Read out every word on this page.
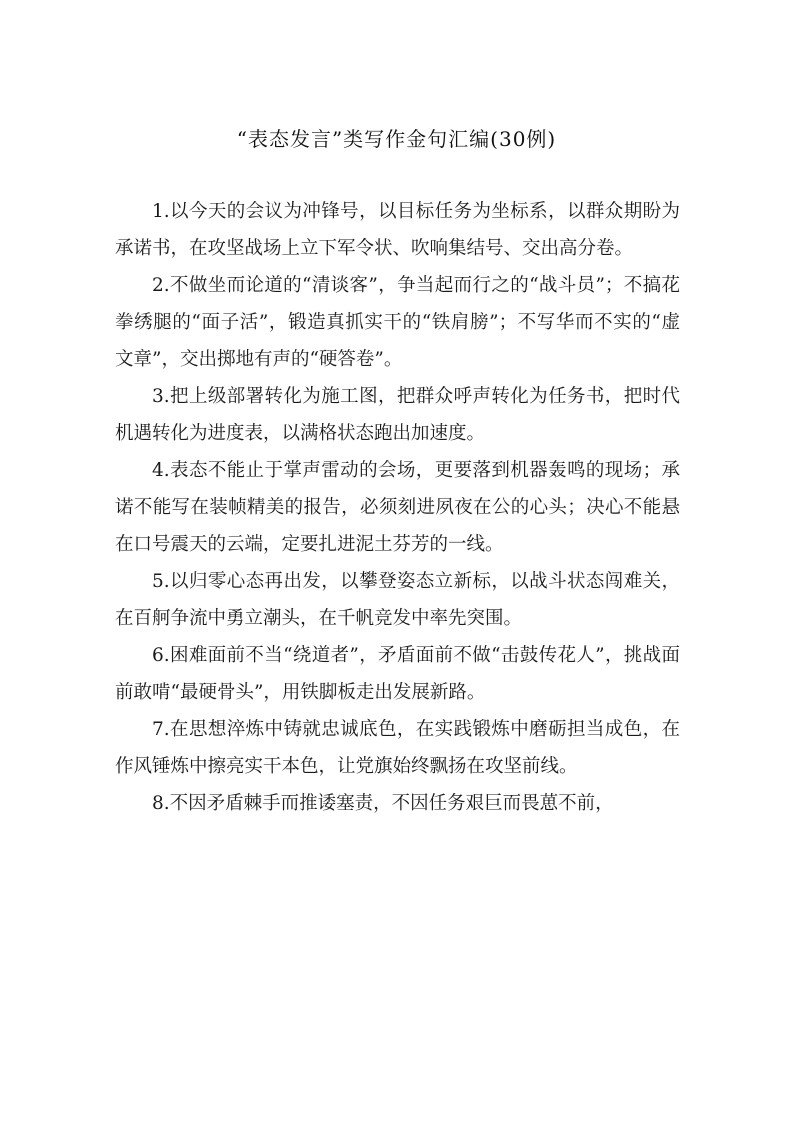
“表态发言”类写作金句汇编(30例)

1.以今天的会议为冲锋号，以目标任务为坐标系，以群众期盼为承诺书，在攻坚战场上立下军令状、吹响集结号、交出高分卷。

2.不做坐而论道的“清谈客”，争当起而行之的“战斗员”；不搞花拳绣腿的“面子活”，锻造真抓实干的“铁肩膀”；不写华而不实的“虚文章”，交出掷地有声的“硬答卷”。

3.把上级部署转化为施工图，把群众呼声转化为任务书，把时代机遇转化为进度表，以满格状态跑出加速度。

4.表态不能止于掌声雷动的会场，更要落到机器轰鸣的现场；承诺不能写在装帧精美的报告，必须刻进夙夜在公的心头；决心不能悬在口号震天的云端，定要扎进泥土芬芳的一线。

5.以归零心态再出发，以攀登姿态立新标，以战斗状态闯难关，在百舸争流中勇立潮头，在千帆竞发中率先突围。

6.困难面前不当“绕道者”，矛盾面前不做“击鼓传花人”，挑战面前敢啃“最硬骨头”，用铁脚板走出发展新路。

7.在思想淬炼中铸就忠诚底色，在实践锻炼中磨砺担当成色，在作风锤炼中擦亮实干本色，让党旗始终飘扬在攻坚前线。

8.不因矛盾棘手而推诿塞责，不因任务艰巨而畏葸不前，
